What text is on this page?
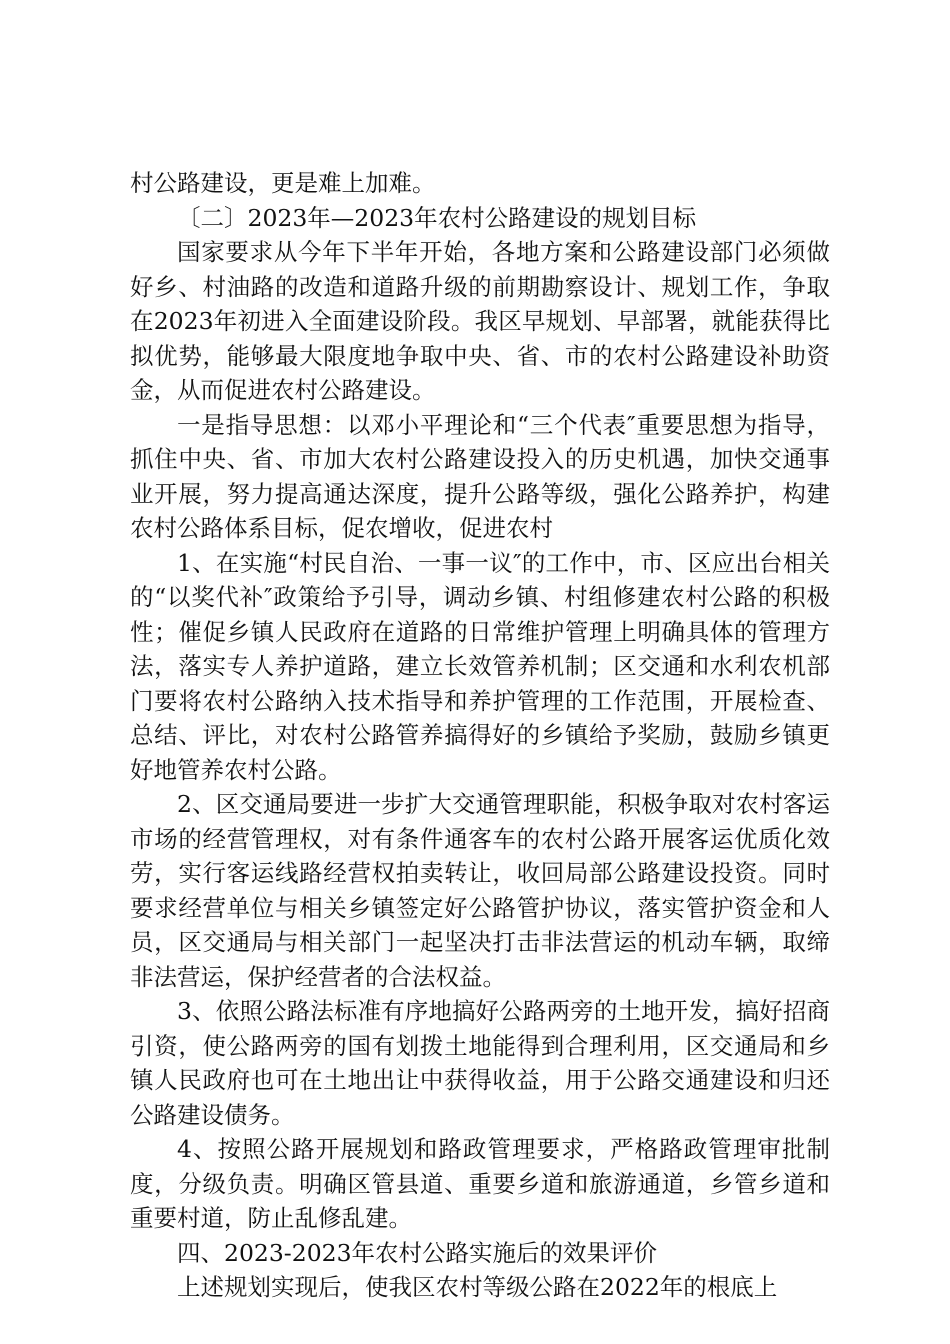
村公路建设，更是难上加难。

〔二〕2023年—2023年农村公路建设的规划目标

国家要求从今年下半年开始，各地方案和公路建设部门必须做好乡、村油路的改造和道路升级的前期勘察设计、规划工作，争取在2023年初进入全面建设阶段。我区早规划、早部署，就能获得比拟优势，能够最大限度地争取中央、省、市的农村公路建设补助资金，从而促进农村公路建设。

一是指导思想：以邓小平理论和“三个代表″重要思想为指导，抓住中央、省、市加大农村公路建设投入的历史机遇，加快交通事业开展，努力提高通达深度，提升公路等级，强化公路养护，构建农村公路体系目标，促农增收，促进农村

1、在实施“村民自治、一事一议″的工作中，市、区应出台相关的“以奖代补″政策给予引导，调动乡镇、村组修建农村公路的积极性；催促乡镇人民政府在道路的日常维护管理上明确具体的管理方法，落实专人养护道路，建立长效管养机制；区交通和水利农机部门要将农村公路纳入技术指导和养护管理的工作范围，开展检查、总结、评比，对农村公路管养搞得好的乡镇给予奖励，鼓励乡镇更好地管养农村公路。

2、区交通局要进一步扩大交通管理职能，积极争取对农村客运市场的经营管理权，对有条件通客车的农村公路开展客运优质化效劳，实行客运线路经营权拍卖转让，收回局部公路建设投资。同时要求经营单位与相关乡镇签定好公路管护协议，落实管护资金和人员，区交通局与相关部门一起坚决打击非法营运的机动车辆，取缔非法营运，保护经营者的合法权益。

3、依照公路法标准有序地搞好公路两旁的土地开发，搞好招商引资，使公路两旁的国有划拨土地能得到合理利用，区交通局和乡镇人民政府也可在土地出让中获得收益，用于公路交通建设和归还公路建设债务。

4、按照公路开展规划和路政管理要求，严格路政管理审批制度，分级负责。明确区管县道、重要乡道和旅游通道，乡管乡道和重要村道，防止乱修乱建。

四、2023-2023年农村公路实施后的效果评价

上述规划实现后，使我区农村等级公路在2022年的根底上
